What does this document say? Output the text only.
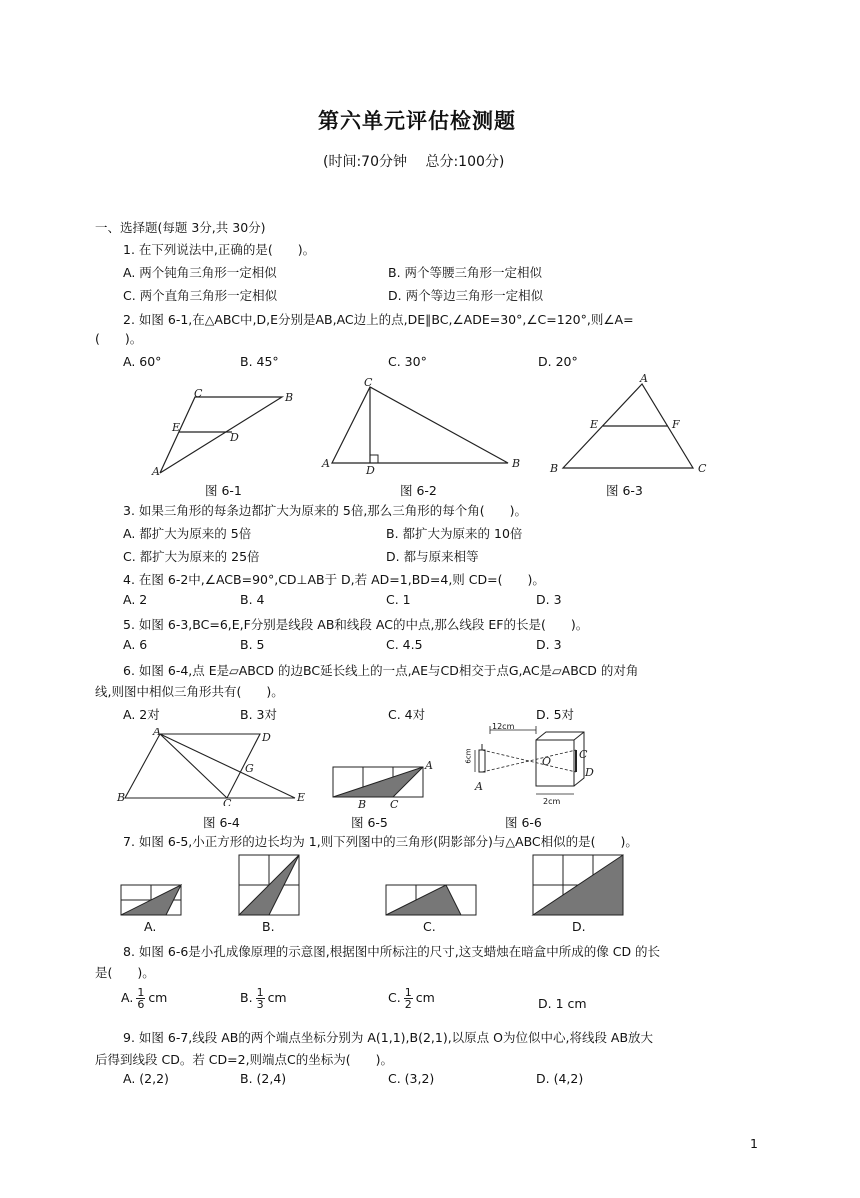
第六单元评估检测题
(时间:70分钟　 总分:100分)
一、选择题(每题 3分,共 30分)
1. 在下列说法中,正确的是(　　)。
A. 两个钝角三角形一定相似	B. 两个等腰三角形一定相似
C. 两个直角三角形一定相似	D. 两个等边三角形一定相似
2. 如图 6-1,在△ABC中,D,E分别是AB,AC边上的点,DE∥BC,∠ADE=30°,∠C=120°,则∠A=
(　　)。
A. 60°	B. 45°	C. 30°	D. 20°
C	B
E
D
A
图 6-1
C
A
D
B
图 6-2
A
E	F
B	C
图 6-3
3. 如果三角形的每条边都扩大为原来的 5倍,那么三角形的每个角(　　)。
A. 都扩大为原来的 5倍	B. 都扩大为原来的 10倍
C. 都扩大为原来的 25倍	D. 都与原来相等
4. 在图 6-2中,∠ACB=90°,CD⊥AB于 D,若 AD=1,BD=4,则 CD=(　　)。
A. 2	B. 4	C. 1	D. 3
5. 如图 6-3,BC=6,E,F分别是线段 AB和线段 AC的中点,那么线段 EF的长是(　　)。
A. 6	B. 5	C. 4.5	D. 3
6. 如图 6-4,点 E是▱ABCD 的边BC延长线上的一点,AE与CD相交于点G,AC是▱ABCD 的对角
线,则图中相似三角形共有(　　)。
A. 2对	B. 3对	C. 4对	D. 5对
A	D
G
B	C	E
图 6-4
A
B C
图 6-5
O
C
D
A
12cm
6cm
2cm
图 6-6
7. 如图 6-5,小正方形的边长均为 1,则下列图中的三角形(阴影部分)与△ABC相似的是(　　)。
A.	B.	C.	D.
8. 如图 6-6是小孔成像原理的示意图,根据图中所标注的尺寸,这支蜡烛在暗盒中所成的像 CD 的长
是(　　)。
A. $\frac{1}{6}$ cm	B. $\frac{1}{3}$ cm	C. $\frac{1}{2}$ cm	D. 1 cm
9. 如图 6-7,线段 AB的两个端点坐标分别为 A(1,1),B(2,1),以原点 O为位似中心,将线段 AB放大
后得到线段 CD。若 CD=2,则端点C的坐标为(　　)。
A. (2,2)	B. (2,4)	C. (3,2)	D. (4,2)
1
